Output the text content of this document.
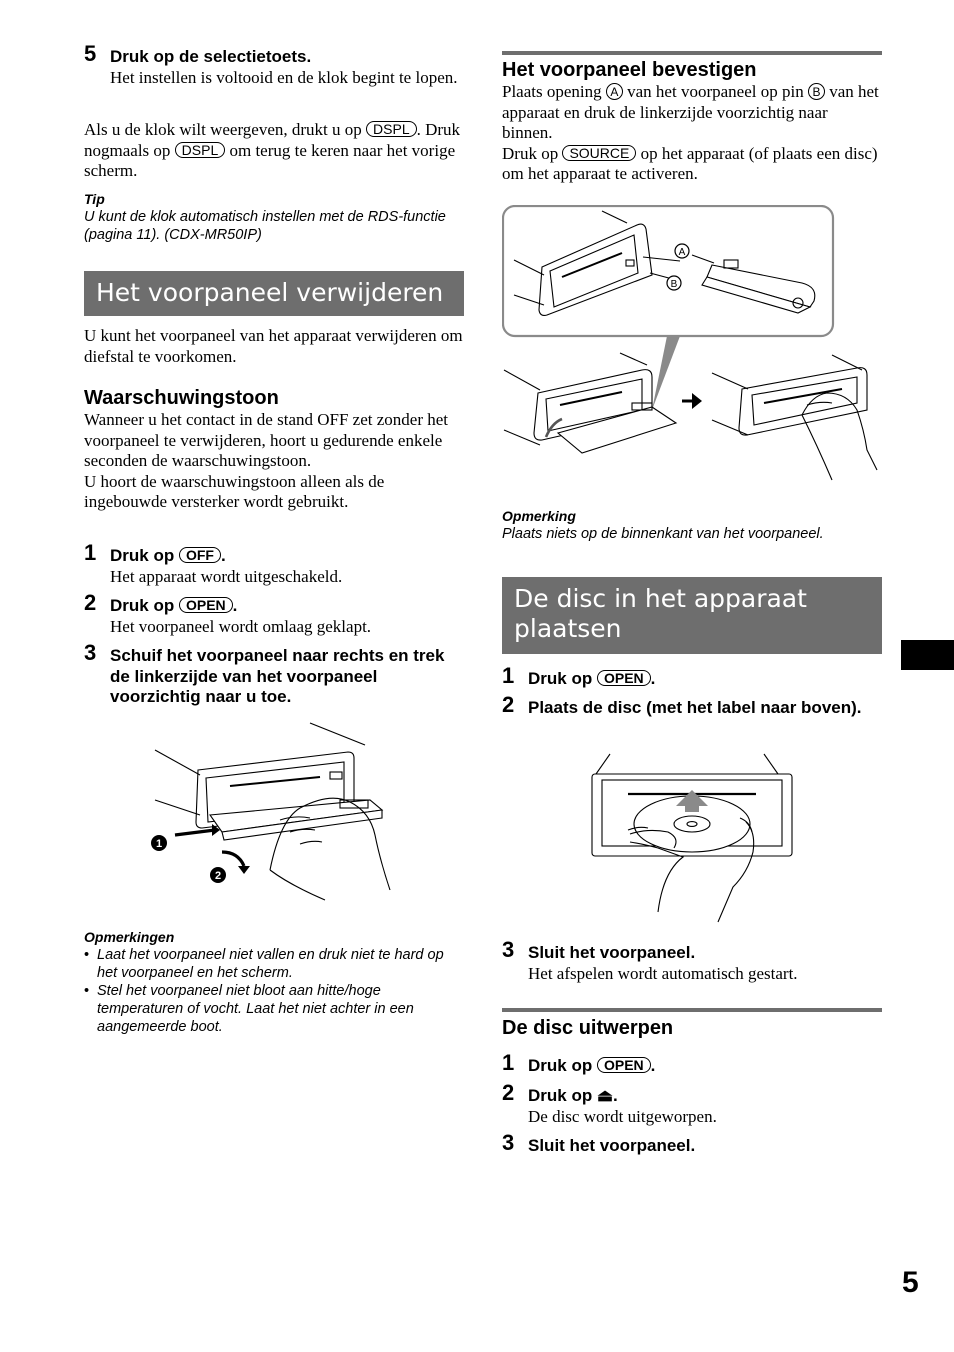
5 Druk op de selectietoets.
Het instellen is voltooid en de klok begint te lopen.
Als u de klok wilt weergeven, drukt u op DSPL . Druk nogmaals op DSPL om terug te keren naar het vorige scherm.
Tip
U kunt de klok automatisch instellen met de RDS-functie (pagina 11). (CDX-MR50IP)
Het voorpaneel verwijderen
U kunt het voorpaneel van het apparaat verwijderen om diefstal te voorkomen.
Waarschuwingstoon
Wanneer u het contact in de stand OFF zet zonder het voorpaneel te verwijderen, hoort u gedurende enkele seconden de waarschuwingstoon.
U hoort de waarschuwingstoon alleen als de ingebouwde versterker wordt gebruikt.
1 Druk op OFF .
Het apparaat wordt uitgeschakeld.
2 Druk op OPEN .
Het voorpaneel wordt omlaag geklapt.
3 Schuif het voorpaneel naar rechts en trek de linkerzijde van het voorpaneel voorzichtig naar u toe.
Opmerkingen
• Laat het voorpaneel niet vallen en druk niet te hard op het voorpaneel en het scherm.
• Stel het voorpaneel niet bloot aan hitte/hoge temperaturen of vocht. Laat het niet achter in een aangemeerde boot.
1
2
Het voorpaneel bevestigen
Plaats opening A van het voorpaneel op pin B van het apparaat en druk de linkerzijde voorzichtig naar binnen.
Druk op SOURCE op het apparaat (of plaats een disc) om het apparaat te activeren.
Opmerking
Plaats niets op de binnenkant van het voorpaneel.
De disc in het apparaat
plaatsen
1 Druk op OPEN .
2 Plaats de disc (met het label naar boven).
3 Sluit het voorpaneel.
Het afspelen wordt automatisch gestart.
De disc uitwerpen
1 Druk op OPEN .
2 Druk op ⏏.
De disc wordt uitgeworpen.
3 Sluit het voorpaneel.
A
B
5
